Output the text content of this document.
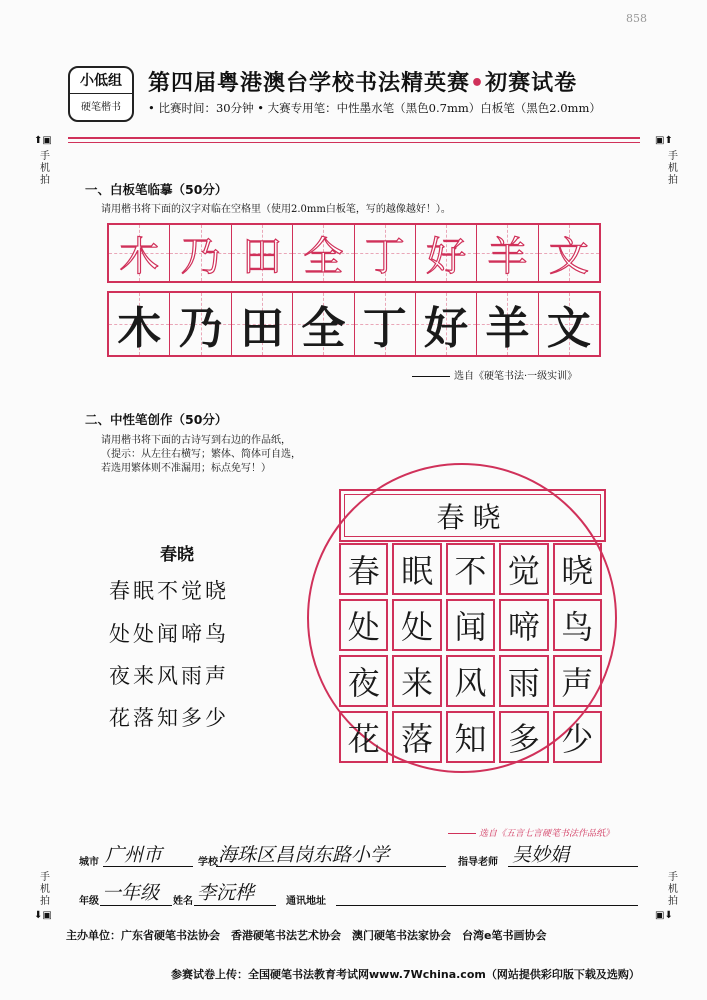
858
小低组
硬笔楷书
第四届粤港澳台学校书法精英赛•初赛试卷
• 比赛时间：30分钟 • 大赛专用笔：中性墨水笔（黑色0.7mm）白板笔（黑色2.0mm）
⬆▣
手机拍
▣⬆
手机拍
手机拍
⬇▣
手机拍
▣⬇
一、白板笔临摹（50分）
请用楷书将下面的汉字对临在空格里（使用2.0mm白板笔，写的越像越好！）。
木 乃 田 全 丁 好 羊 文
木 乃 田 全 丁 好 羊 文
选自《硬笔书法·一级实训》
二、中性笔创作（50分）
请用楷书将下面的古诗写到右边的作品纸，
（提示：从左往右横写；繁体、简体可自选，
若选用繁体则不准漏用；标点免写！）
春晓
春眠不觉晓
处处闻啼鸟
夜来风雨声
花落知多少
春晓
春 眠 不 觉 晓
处 处 闻 啼 鸟
夜 来 风 雨 声
花 落 知 多 少
选自《五言七言硬笔书法作品纸》
城市 广州市	学校 海珠区昌岗东路小学	指导老师 吴妙娟
年级 一年级 姓名 李沅桦	通讯地址
主办单位：广东省硬笔书法协会　香港硬笔书法艺术协会　澳门硬笔书法家协会　台湾e笔书画协会
参赛试卷上传：全国硬笔书法教育考试网www.7Wchina.com（网站提供彩印版下载及选购）
